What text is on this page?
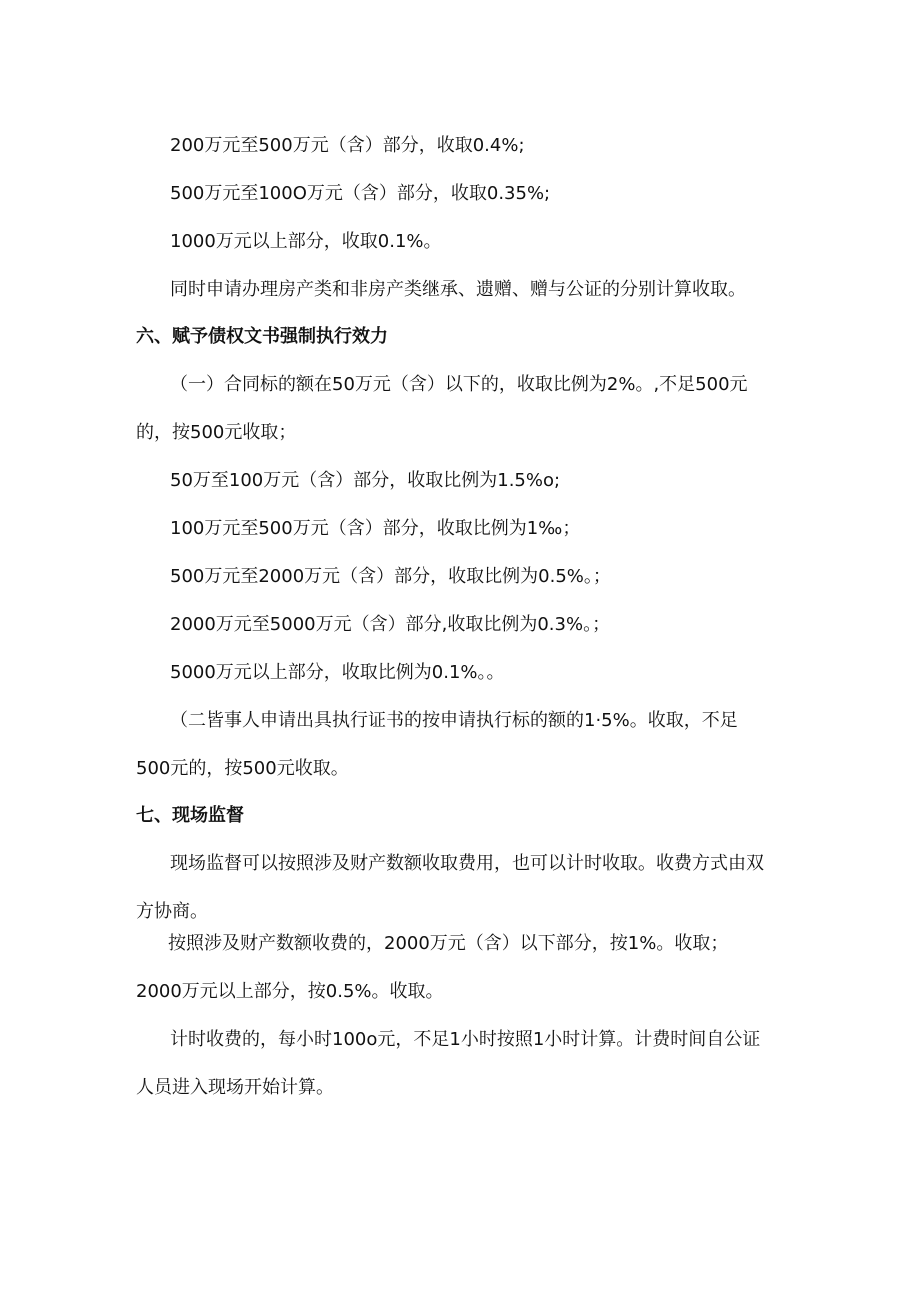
200万元至500万元（含）部分，收取0.4%;
500万元至100O万元（含）部分，收取0.35%;
1000万元以上部分，收取0.1%。
同时申请办理房产类和非房产类继承、遗赠、赠与公证的分别计算收取。
六、赋予债权文书强制执行效力
（一）合同标的额在50万元（含）以下的，收取比例为2%。,不足500元
的，按500元收取；
50万至100万元（含）部分，收取比例为1.5%o;
100万元至500万元（含）部分，收取比例为1‰；
500万元至2000万元（含）部分，收取比例为0.5%。；
2000万元至5000万元（含）部分,收取比例为0.3%。；
5000万元以上部分，收取比例为0.1%。。
（二皆事人申请出具执行证书的按申请执行标的额的1·5%。收取，不足
500元的，按500元收取。
七、现场监督
现场监督可以按照涉及财产数额收取费用，也可以计时收取。收费方式由双
方协商。
按照涉及财产数额收费的，2000万元（含）以下部分，按1%。收取；
2000万元以上部分，按0.5%。收取。
计时收费的，每小时100o元，不足1小时按照1小时计算。计费时间自公证
人员进入现场开始计算。
